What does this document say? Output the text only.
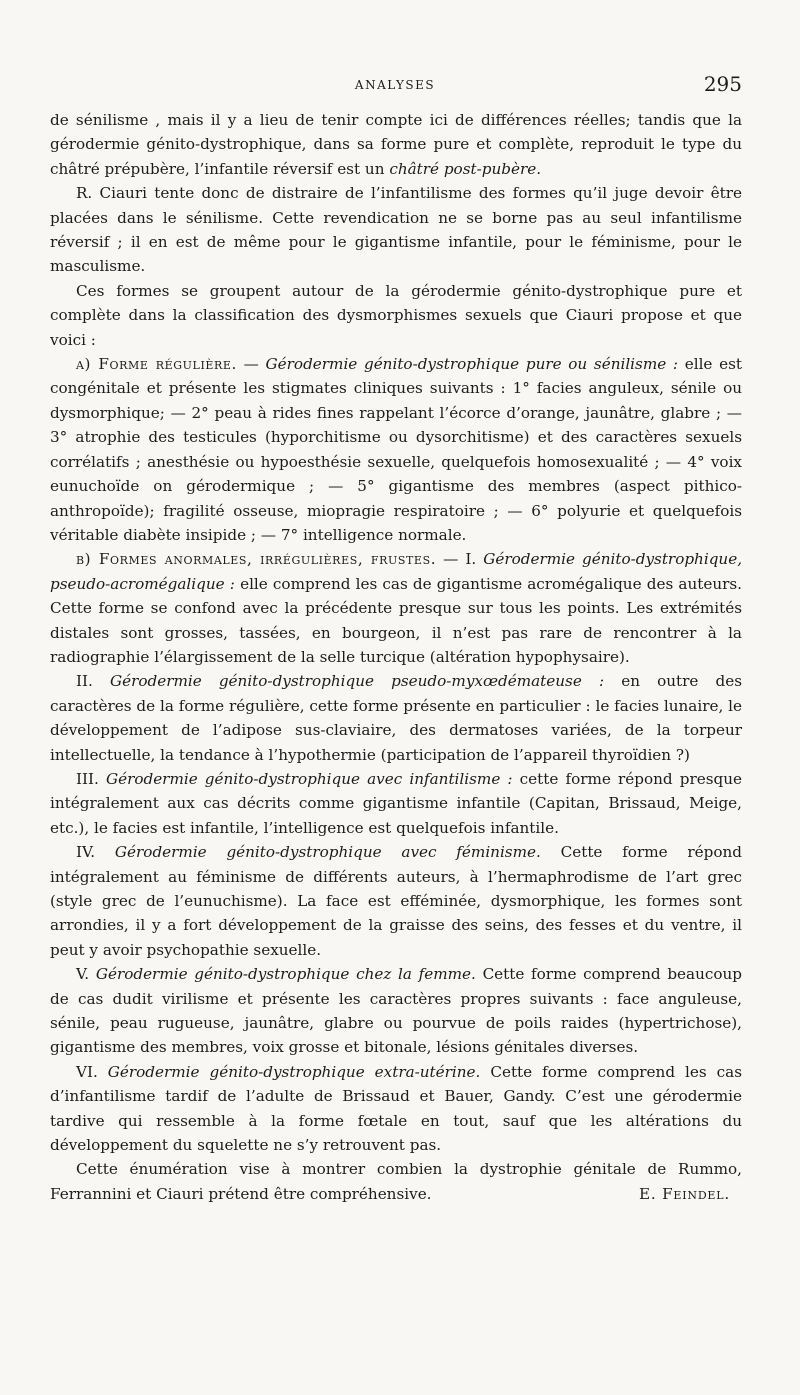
ANALYSES	295

de sénilisme , mais il y a lieu de tenir compte ici de différences réelles; tandis que la gérodermie génito-dystrophique, dans sa forme pure et complète, reproduit le type du châtré prépubère, l’infantile réversif est un châtré post-pubère.

R. Ciauri tente donc de distraire de l’infantilisme des formes qu’il juge devoir être placées dans le sénilisme. Cette revendication ne se borne pas au seul infantilisme réversif ; il en est de même pour le gigantisme infantile, pour le féminisme, pour le masculisme.

Ces formes se groupent autour de la gérodermie génito-dystrophique pure et complète dans la classification des dysmorphismes sexuels que Ciauri propose et que voici :

a) Forme régulière. — Gérodermie génito-dystrophique pure ou sénilisme : elle est congénitale et présente les stigmates cliniques suivants : 1° facies anguleux, sénile ou dysmorphique; — 2° peau à rides fines rappelant l’écorce d’orange, jaunâtre, glabre ; — 3° atrophie des testicules (hyporchitisme ou dysorchitisme) et des caractères sexuels corrélatifs ; anesthésie ou hypoesthésie sexuelle, quelquefois homosexualité ; — 4° voix eunuchoïde on gérodermique ; — 5° gigantisme des membres (aspect pithico-anthropoïde); fragilité osseuse, miopragie respiratoire ; — 6° polyurie et quelquefois véritable diabète insipide ; — 7° intelligence normale.

b) Formes anormales, irrégulières, frustes. — I. Gérodermie génito-dystrophique, pseudo-acromégalique : elle comprend les cas de gigantisme acromégalique des auteurs. Cette forme se confond avec la précédente presque sur tous les points. Les extrémités distales sont grosses, tassées, en bourgeon, il n’est pas rare de rencontrer à la radiographie l’élargissement de la selle turcique (altération hypophysaire).

II. Gérodermie génito-dystrophique pseudo-myxœdémateuse : en outre des caractères de la forme régulière, cette forme présente en particulier : le facies lunaire, le développement de l’adipose sus-claviaire, des dermatoses variées, de la torpeur intellectuelle, la tendance à l’hypothermie (participation de l’appareil thyroïdien ?)

III. Gérodermie génito-dystrophique avec infantilisme : cette forme répond presque intégralement aux cas décrits comme gigantisme infantile (Capitan, Brissaud, Meige, etc.), le facies est infantile, l’intelligence est quelquefois infantile.

IV. Gérodermie génito-dystrophique avec féminisme. Cette forme répond intégralement au féminisme de différents auteurs, à l’hermaphrodisme de l’art grec (style grec de l’eunuchisme). La face est efféminée, dysmorphique, les formes sont arrondies, il y a fort développement de la graisse des seins, des fesses et du ventre, il peut y avoir psychopathie sexuelle.

V. Gérodermie génito-dystrophique chez la femme. Cette forme comprend beaucoup de cas dudit virilisme et présente les caractères propres suivants : face anguleuse, sénile, peau rugueuse, jaunâtre, glabre ou pourvue de poils raides (hypertrichose), gigantisme des membres, voix grosse et bitonale, lésions génitales diverses.

VI. Gérodermie génito-dystrophique extra-utérine. Cette forme comprend les cas d’infantilisme tardif de l’adulte de Brissaud et Bauer, Gandy. C’est une gérodermie tardive qui ressemble à la forme fœtale en tout, sauf que les altérations du développement du squelette ne s’y retrouvent pas.

Cette énumération vise à montrer combien la dystrophie génitale de Rummo, Ferrannini et Ciauri prétend être compréhensive.	E. Feindel.
